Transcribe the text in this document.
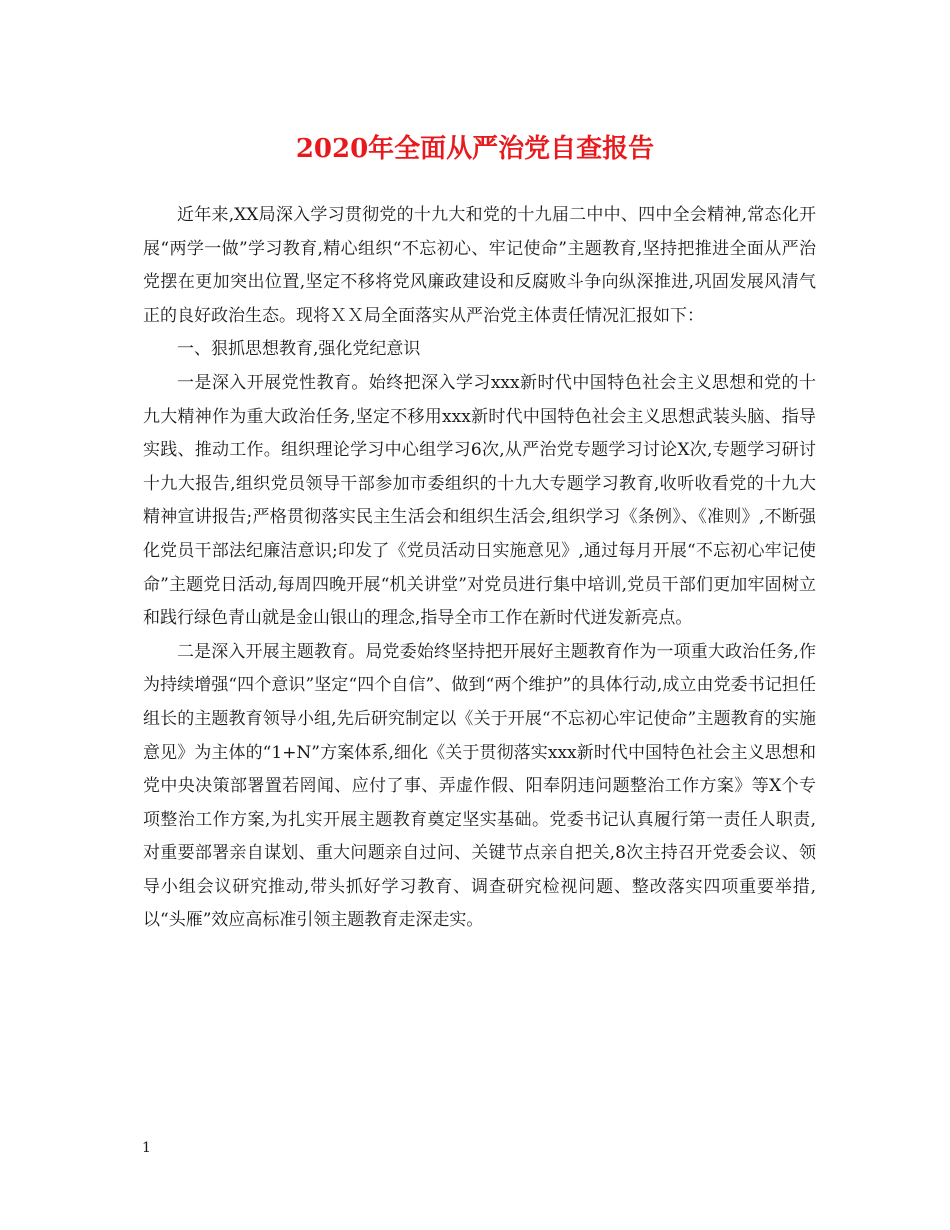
2020年全面从严治党自查报告

近年来,XX局深入学习贯彻党的十九大和党的十九届二中中、四中全会精神,常态化开展“两学一做”学习教育,精心组织“不忘初心、牢记使命”主题教育,坚持把推进全面从严治党摆在更加突出位置,坚定不移将党风廉政建设和反腐败斗争向纵深推进,巩固发展风清气正的良好政治生态。现将ＸＸ局全面落实从严治党主体责任情况汇报如下：

一、狠抓思想教育,强化党纪意识

一是深入开展党性教育。始终把深入学习xxx新时代中国特色社会主义思想和党的十九大精神作为重大政治任务,坚定不移用xxx新时代中国特色社会主义思想武装头脑、指导实践、推动工作。组织理论学习中心组学习6次,从严治党专题学习讨论X次,专题学习研讨十九大报告,组织党员领导干部参加市委组织的十九大专题学习教育,收听收看党的十九大精神宣讲报告;严格贯彻落实民主生活会和组织生活会,组织学习《条例》、《准则》,不断强化党员干部法纪廉洁意识;印发了《党员活动日实施意见》,通过每月开展“不忘初心牢记使命”主题党日活动,每周四晚开展“机关讲堂”对党员进行集中培训,党员干部们更加牢固树立和践行绿色青山就是金山银山的理念,指导全市工作在新时代迸发新亮点。

二是深入开展主题教育。局党委始终坚持把开展好主题教育作为一项重大政治任务,作为持续增强“四个意识”坚定“四个自信”、做到“两个维护”的具体行动,成立由党委书记担任组长的主题教育领导小组,先后研究制定以《关于开展“不忘初心牢记使命”主题教育的实施意见》为主体的“1+N”方案体系,细化《关于贯彻落实xxx新时代中国特色社会主义思想和党中央决策部署置若罔闻、应付了事、弄虚作假、阳奉阴违问题整治工作方案》等X个专项整治工作方案,为扎实开展主题教育奠定坚实基础。党委书记认真履行第一责任人职责,对重要部署亲自谋划、重大问题亲自过问、关键节点亲自把关,8次主持召开党委会议、领导小组会议研究推动,带头抓好学习教育、调查研究检视问题、整改落实四项重要举措,以“头雁”效应高标准引领主题教育走深走实。

1
